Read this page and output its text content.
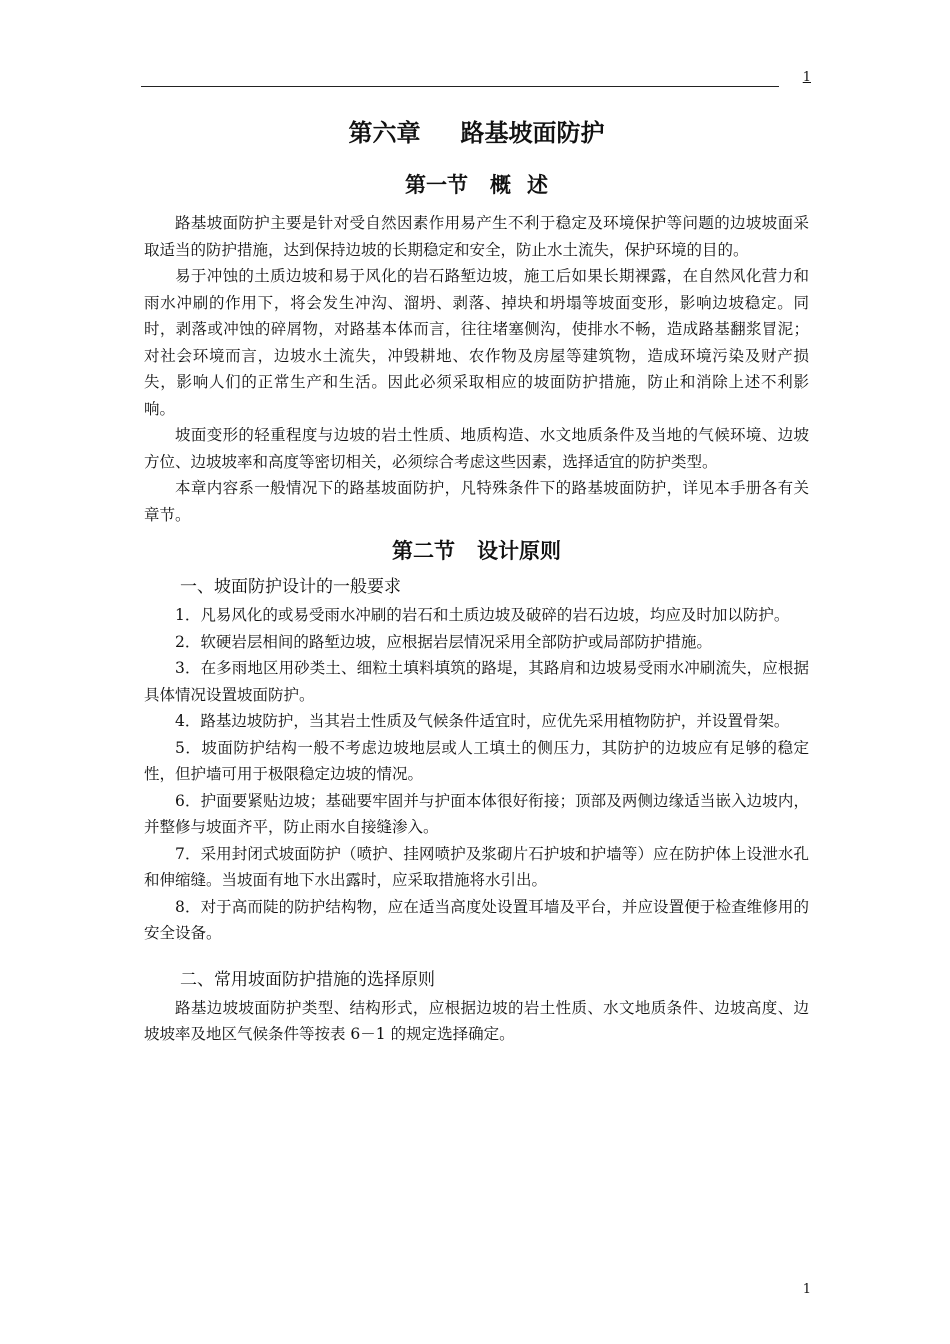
1
第六章 路基坡面防护
第一节 概 述

路基坡面防护主要是针对受自然因素作用易产生不利于稳定及环境保护等问题的边坡坡面采取适当的防护措施，达到保持边坡的长期稳定和安全，防止水土流失，保护环境的目的。

易于冲蚀的土质边坡和易于风化的岩石路堑边坡，施工后如果长期裸露，在自然风化营力和雨水冲刷的作用下，将会发生冲沟、溜坍、剥落、掉块和坍塌等坡面变形，影响边坡稳定。同时，剥落或冲蚀的碎屑物，对路基本体而言，往往堵塞侧沟，使排水不畅，造成路基翻浆冒泥；对社会环境而言，边坡水土流失，冲毁耕地、农作物及房屋等建筑物，造成环境污染及财产损失，影响人们的正常生产和生活。因此必须采取相应的坡面防护措施，防止和消除上述不利影响。

坡面变形的轻重程度与边坡的岩土性质、地质构造、水文地质条件及当地的气候环境、边坡方位、边坡坡率和高度等密切相关，必须综合考虑这些因素，选择适宜的防护类型。

本章内容系一般情况下的路基坡面防护，凡特殊条件下的路基坡面防护，详见本手册各有关章节。

第二节 设计原则
一、坡面防护设计的一般要求

1．凡易风化的或易受雨水冲刷的岩石和土质边坡及破碎的岩石边坡，均应及时加以防护。

2．软硬岩层相间的路堑边坡，应根据岩层情况采用全部防护或局部防护措施。

3．在多雨地区用砂类土、细粒土填料填筑的路堤，其路肩和边坡易受雨水冲刷流失，应根据具体情况设置坡面防护。

4．路基边坡防护，当其岩土性质及气候条件适宜时，应优先采用植物防护，并设置骨架。

5．坡面防护结构一般不考虑边坡地层或人工填土的侧压力，其防护的边坡应有足够的稳定性，但护墙可用于极限稳定边坡的情况。

6．护面要紧贴边坡；基础要牢固并与护面本体很好衔接；顶部及两侧边缘适当嵌入边坡内，并整修与坡面齐平，防止雨水自接缝渗入。

7．采用封闭式坡面防护（喷护、挂网喷护及浆砌片石护坡和护墙等）应在防护体上设泄水孔和伸缩缝。当坡面有地下水出露时，应采取措施将水引出。

8．对于高而陡的防护结构物，应在适当高度处设置耳墙及平台，并应设置便于检查维修用的安全设备。

二、常用坡面防护措施的选择原则

路基边坡坡面防护类型、结构形式，应根据边坡的岩土性质、水文地质条件、边坡高度、边坡坡率及地区气候条件等按表 6－1 的规定选择确定。

1
